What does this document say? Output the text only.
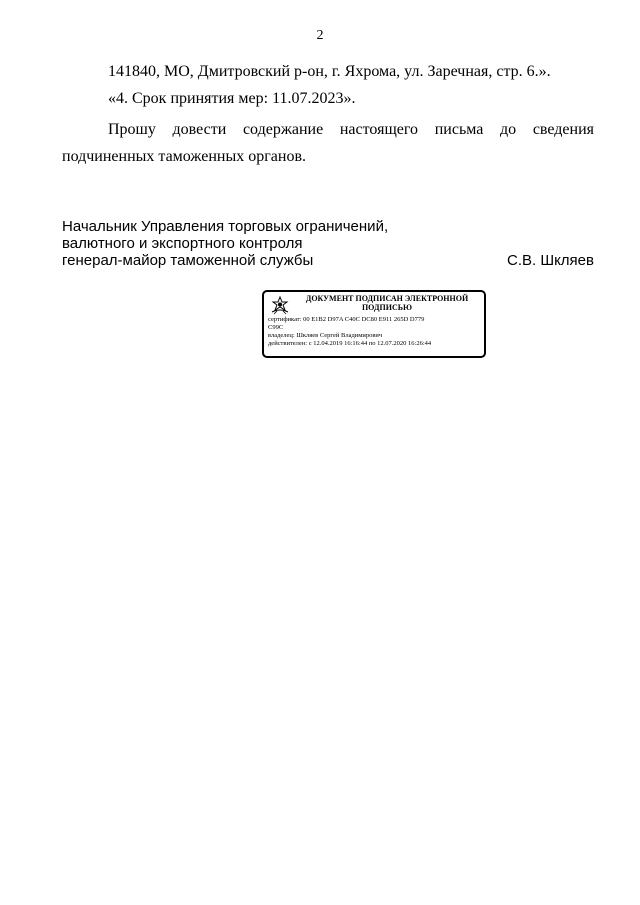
2
141840, МО, Дмитровский р-он, г. Яхрома, ул. Заречная, стр. 6.».
«4. Срок принятия мер: 11.07.2023».
Прошу довести содержание настоящего письма до сведения подчиненных таможенных органов.
Начальник Управления торговых ограничений,
валютного и экспортного контроля
генерал-майор таможенной службы	С.В. Шкляев
ДОКУМЕНТ ПОДПИСАН ЭЛЕКТРОННОЙ
ПОДПИСЬЮ
сертификат: 00 E1B2 D97A C40C DC80 E911 265D D779
C99C
владелец: Шкляев Сергей Владимирович
действителен: с 12.04.2019 16:16:44 по 12.07.2020 16:26:44
